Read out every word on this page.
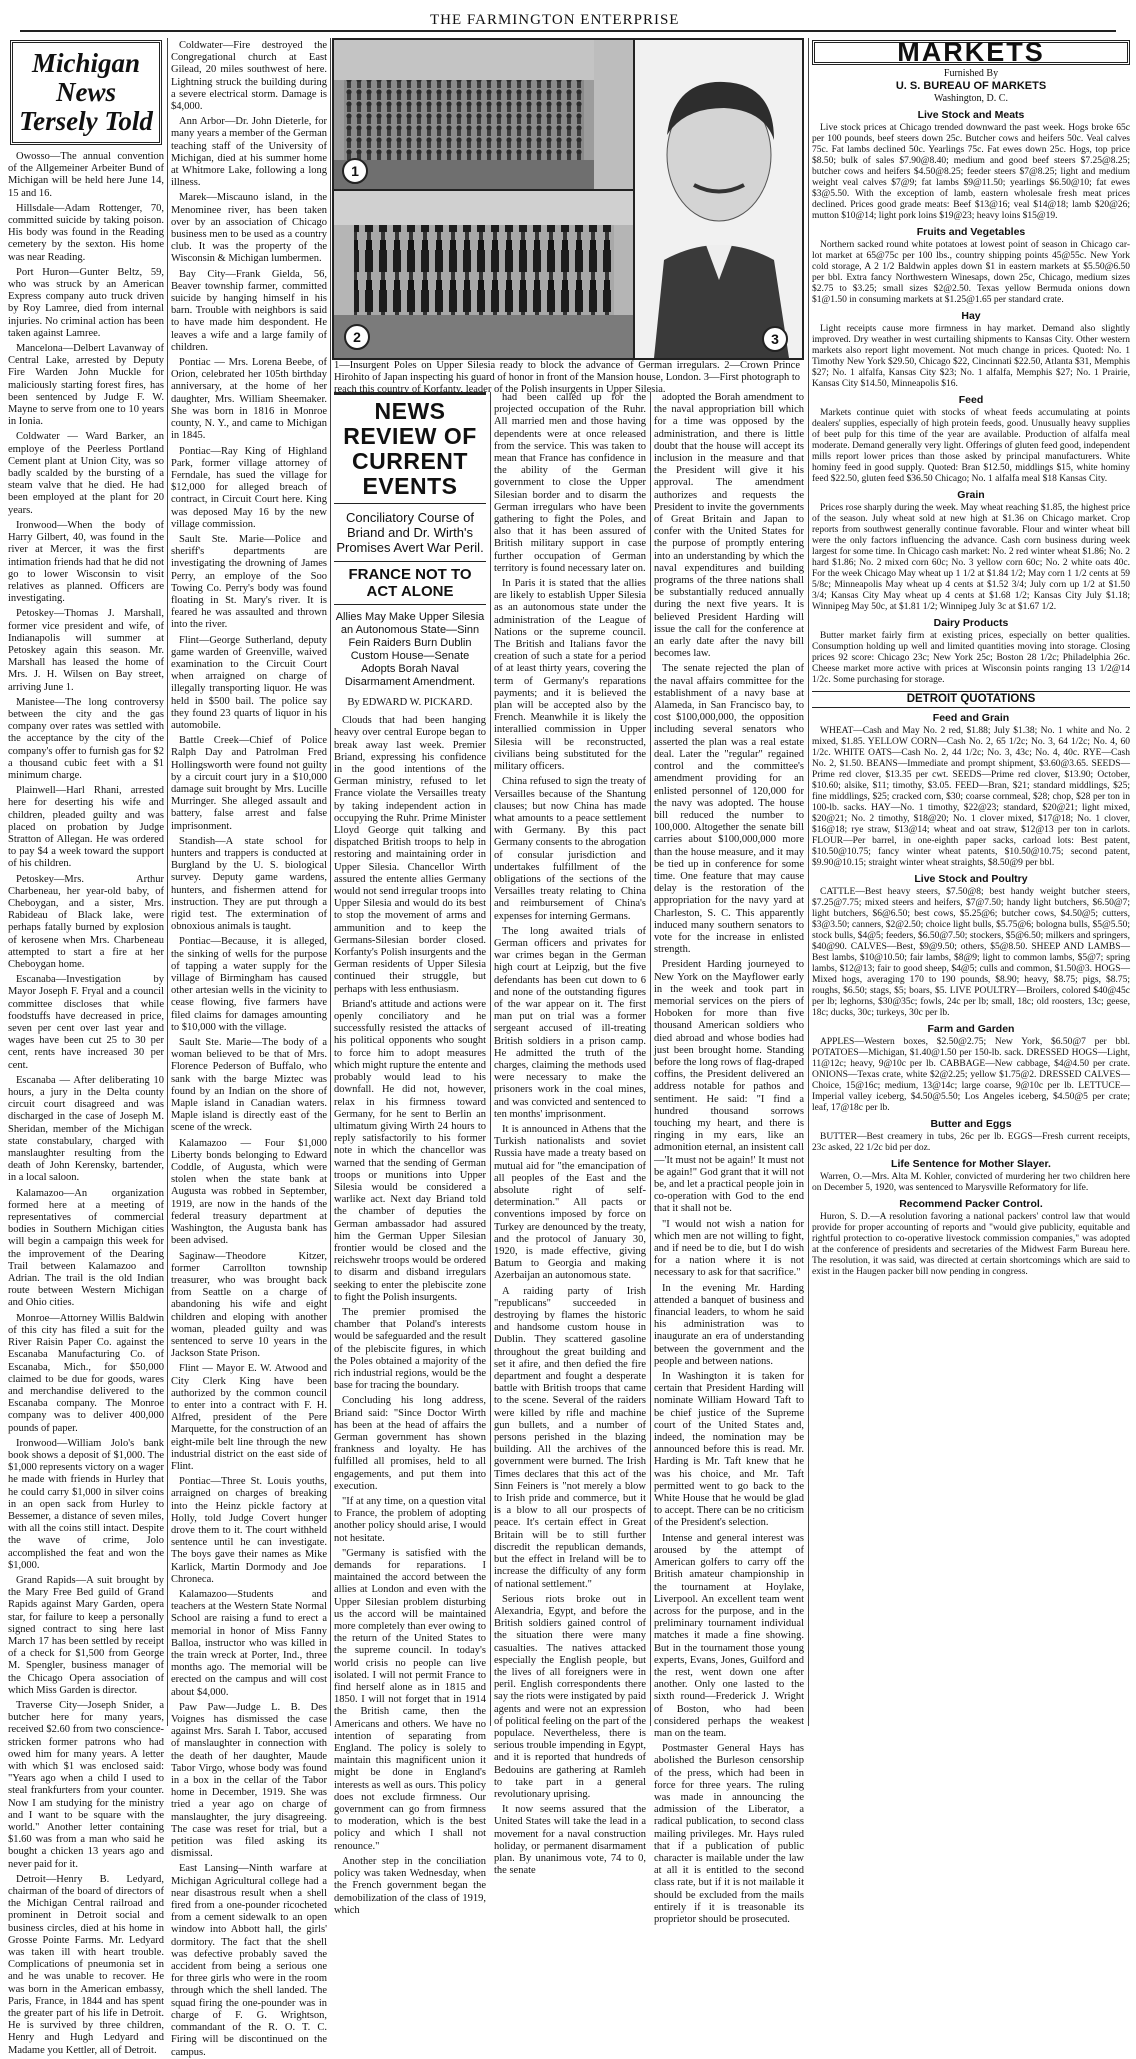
THE FARMINGTON ENTERPRISE
Michigan News
Tersely Told

Owosso—The annual convention of the Allgemeiner Arbeiter Bund of Michigan will be held here June 14, 15 and 16.

Hillsdale—Adam Rottenger, 70, committed suicide by taking poison. His body was found in the Reading cemetery by the sexton. His home was near Reading.

Port Huron—Gunter Beltz, 59, who was struck by an American Express company auto truck driven by Roy Lamree, died from internal injuries. No criminal action has been taken against Lamree.

Mancelona—Delbert Lavanway of Central Lake, arrested by Deputy Fire Warden John Muckle for maliciously starting forest fires, has been sentenced by Judge F. W. Mayne to serve from one to 10 years in Ionia.

Coldwater — Ward Barker, an employe of the Peerless Portland Cement plant at Union City, was so badly scalded by the bursting of a steam valve that he died. He had been employed at the plant for 20 years.

Ironwood—When the body of Harry Gilbert, 40, was found in the river at Mercer, it was the first intimation friends had that he did not go to lower Wisconsin to visit relatives as planned. Officers are investigating.

Petoskey—Thomas J. Marshall, former vice president and wife, of Indianapolis will summer at Petoskey again this season. Mr. Marshall has leased the home of Mrs. J. H. Wilsen on Bay street, arriving June 1.

Manistee—The long controversy between the city and the gas company over rates was settled with the acceptance by the city of the company's offer to furnish gas for $2 a thousand cubic feet with a $1 minimum charge.

Plainwell—Harl Rhani, arrested here for deserting his wife and children, pleaded guilty and was placed on probation by Judge Stratton of Allegan. He was ordered to pay $4 a week toward the support of his children.

Petoskey—Mrs. Arthur Charbeneau, her year-old baby, of Cheboygan, and a sister, Mrs. Rabideau of Black lake, were perhaps fatally burned by explosion of kerosene when Mrs. Charbeneau attempted to start a fire at her Cheboygan home.

Escanaba—Investigation by Mayor Joseph F. Fryal and a council committee discloses that while foodstuffs have decreased in price, seven per cent over last year and wages have been cut 25 to 30 per cent, rents have increased 30 per cent.

Escanaba — After deliberating 10 hours, a jury in the Delta county circuit court disagreed and was discharged in the case of Joseph M. Sheridan, member of the Michigan state constabulary, charged with manslaughter resulting from the death of John Kerensky, bartender, in a local saloon.

Kalamazoo—An organization formed here at a meeting of representatives of commercial bodies in Southern Michigan cities will begin a campaign this week for the improvement of the Dearing Trail between Kalamazoo and Adrian. The trail is the old Indian route between Western Michigan and Ohio cities.

Monroe—Attorney Willis Baldwin of this city has filed a suit for the River Raisin Paper Co. against the Escanaba Manufacturing Co. of Escanaba, Mich., for $50,000 claimed to be due for goods, wares and merchandise delivered to the Escanaba company. The Monroe company was to deliver 400,000 pounds of paper.

Ironwood—William Jolo's bank book shows a deposit of $1,000. The $1,000 represents victory on a wager he made with friends in Hurley that he could carry $1,000 in silver coins in an open sack from Hurley to Bessemer, a distance of seven miles, with all the coins still intact. Despite the wave of crime, Jolo accomplished the feat and won the $1,000.

Grand Rapids—A suit brought by the Mary Free Bed guild of Grand Rapids against Mary Garden, opera star, for failure to keep a personally signed contract to sing here last March 17 has been settled by receipt of a check for $1,500 from George M. Spengler, business manager of the Chicago Opera association of which Miss Garden is director.

Traverse City—Joseph Snider, a butcher here for many years, received $2.60 from two conscience-stricken former patrons who had owed him for many years. A letter with which $1 was enclosed said: "Years ago when a child I used to steal frankfurters from your counter. Now I am studying for the ministry and I want to be square with the world." Another letter containing $1.60 was from a man who said he bought a chicken 13 years ago and never paid for it.

Detroit—Henry B. Ledyard, chairman of the board of directors of the Michigan Central railroad and prominent in Detroit social and business circles, died at his home in Grosse Pointe Farms. Mr. Ledyard was taken ill with heart trouble. Complications of pneumonia set in and he was unable to recover. He was born in the American embassy, Paris, France, in 1844 and has spent the greater part of his life in Detroit. He is survived by three children, Henry and Hugh Ledyard and Madame you Kettler, all of Detroit.

Coldwater—Fire destroyed the Congregational church at East Gilead, 20 miles southwest of here. Lightning struck the building during a severe electrical storm. Damage is $4,000.

Ann Arbor—Dr. John Dieterle, for many years a member of the German teaching staff of the University of Michigan, died at his summer home at Whitmore Lake, following a long illness.

Marek—Miscauno island, in the Menominee river, has been taken over by an association of Chicago business men to be used as a country club. It was the property of the Wisconsin & Michigan lumbermen.

Bay City—Frank Gielda, 56, Beaver township farmer, committed suicide by hanging himself in his barn. Trouble with neighbors is said to have made him despondent. He leaves a wife and a large family of children.

Pontiac — Mrs. Lorena Beebe, of Orion, celebrated her 105th birthday anniversary, at the home of her daughter, Mrs. William Sheemaker. She was born in 1816 in Monroe county, N. Y., and came to Michigan in 1845.

Pontiac—Ray King of Highland Park, former village attorney of Ferndale, has sued the village for $12,000 for alleged breach of contract, in Circuit Court here. King was deposed May 16 by the new village commission.

Sault Ste. Marie—Police and sheriff's departments are investigating the drowning of James Perry, an employe of the Soo Towing Co. Perry's body was found floating in St. Mary's river. It is feared he was assaulted and thrown into the river.

Flint—George Sutherland, deputy game warden of Greenville, waived examination to the Circuit Court when arraigned on charge of illegally transporting liquor. He was held in $500 bail. The police say they found 23 quarts of liquor in his automobile.

Battle Creek—Chief of Police Ralph Day and Patrolman Fred Hollingsworth were found not guilty by a circuit court jury in a $10,000 damage suit brought by Mrs. Lucille Murringer. She alleged assault and battery, false arrest and false imprisonment.

Standish—A state school for hunters and trappers is conducted at Burgland by the U. S. biological survey. Deputy game wardens, hunters, and fishermen attend for instruction. They are put through a rigid test. The extermination of obnoxious animals is taught.

Pontiac—Because, it is alleged, the sinking of wells for the purpose of tapping a water supply for the village of Birmingham has caused other artesian wells in the vicinity to cease flowing, five farmers have filed claims for damages amounting to $10,000 with the village.

Sault Ste. Marie—The body of a woman believed to be that of Mrs. Florence Pederson of Buffalo, who sank with the barge Miztec was found by an Indian on the shore of Maple island in Canadian waters. Maple island is directly east of the scene of the wreck.

Kalamazoo — Four $1,000 Liberty bonds belonging to Edward Coddle, of Augusta, which were stolen when the state bank at Augusta was robbed in September, 1919, are now in the hands of the federal treasury department at Washington, the Augusta bank has been advised.

Saginaw—Theodore Kitzer, former Carrollton township treasurer, who was brought back from Seattle on a charge of abandoning his wife and eight children and eloping with another woman, pleaded guilty and was sentenced to serve 10 years in the Jackson State Prison.

Flint — Mayor E. W. Atwood and City Clerk King have been authorized by the common council to enter into a contract with F. H. Alfred, president of the Pere Marquette, for the construction of an eight-mile belt line through the new industrial district on the east side of Flint.

Pontiac—Three St. Louis youths, arraigned on charges of breaking into the Heinz pickle factory at Holly, told Judge Covert hunger drove them to it. The court withheld sentence until he can investigate. The boys gave their names as Mike Karlick, Martin Dormody and Joe Chroneca.

Kalamazoo—Students and teachers at the Western State Normal School are raising a fund to erect a memorial in honor of Miss Fanny Balloa, instructor who was killed in the train wreck at Porter, Ind., three months ago. The memorial will be erected on the campus and will cost about $4,000.

Paw Paw—Judge L. B. Des Voignes has dismissed the case against Mrs. Sarah I. Tabor, accused of manslaughter in connection with the death of her daughter, Maude Tabor Virgo, whose body was found in a box in the cellar of the Tabor home in December, 1919. She was tried a year ago on charge of manslaughter, the jury disagreeing. The case was reset for trial, but a petition was filed asking its dismissal.

East Lansing—Ninth warfare at Michigan Agricultural college had a near disastrous result when a shell fired from a one-pounder ricocheted from a cement sidewalk to an open window into Abbott hall, the girls' dormitory. The fact that the shell was defective probably saved the accident from being a serious one for three girls who were in the room through which the shell landed. The squad firing the one-pounder was in charge of F. G. Wrightson, commandant of the R. O. T. C. Firing will be discontinued on the campus.

1
2	3
1—Insurgent Poles on Upper Silesia ready to block the advance of German irregulars. 2—Crown Prince Hirohito of Japan inspecting his guard of honor in front of the Mansion house, London. 3—First photograph to reach this country of Korfanty, leader of the Polish insurgents in Upper Silesia.
NEWS REVIEW OF CURRENT EVENTS
Conciliatory Course of Briand and Dr. Wirth's Promises Avert War Peril.
FRANCE NOT TO ACT ALONE
Allies May Make Upper Silesia an Autonomous State—Sinn Fein Raiders Burn Dublin Custom House—Senate Adopts Borah Naval Disarmament Amendment.
By EDWARD W. PICKARD.

Clouds that had been hanging heavy over central Europe began to break away last week. Premier Briand, expressing his confidence in the good intentions of the German ministry, refused to let France violate the Versailles treaty by taking independent action in occupying the Ruhr. Prime Minister Lloyd George quit talking and dispatched British troops to help in restoring and maintaining order in Upper Silesia. Chancellor Wirth assured the entente allies Germany would not send irregular troops into Upper Silesia and would do its best to stop the movement of arms and ammunition and to keep the Germans-Silesian border closed. Korfanty's Polish insurgents and the German residents of Upper Silesia continued their struggle, but perhaps with less enthusiasm.

Briand's attitude and actions were openly conciliatory and he successfully resisted the attacks of his political opponents who sought to force him to adopt measures which might rupture the entente and probably would lead to his downfall. He did not, however, relax in his firmness toward Germany, for he sent to Berlin an ultimatum giving Wirth 24 hours to reply satisfactorily to his former note in which the chancellor was warned that the sending of German troops or munitions into Upper Silesia would be considered a warlike act. Next day Briand told the chamber of deputies the German ambassador had assured him the German Upper Silesian frontier would be closed and the reichswehr troops would be ordered to disarm and disband irregulars seeking to enter the plebiscite zone to fight the Polish insurgents.

The premier promised the chamber that Poland's interests would be safeguarded and the result of the plebiscite figures, in which the Poles obtained a majority of the rich industrial regions, would be the base for tracing the boundary.

Concluding his long address, Briand said: "Since Doctor Wirth has been at the head of affairs the German government has shown frankness and loyalty. He has fulfilled all promises, held to all engagements, and put them into execution.

"If at any time, on a question vital to France, the problem of adopting another policy should arise, I would not hesitate.

"Germany is satisfied with the demands for reparations. I maintained the accord between the allies at London and even with the Upper Silesian problem disturbing us the accord will be maintained more completely than ever owing to the return of the United States to the supreme council. In today's world crisis no people can live isolated. I will not permit France to find herself alone as in 1815 and 1850. I will not forget that in 1914 the British came, then the Americans and others. We have no intention of separating from England. The policy is solely to maintain this magnificent union it might be done in England's interests as well as ours. This policy does not exclude firmness. Our government can go from firmness to moderation, which is the best policy and which I shall not renounce."

Another step in the conciliation policy was taken Wednesday, when the French government began the demobilization of the class of 1919, which

had been called up for the projected occupation of the Ruhr. All married men and those having dependents were at once released from the service. This was taken to mean that France has confidence in the ability of the German government to close the Upper Silesian border and to disarm the German irregulars who have been gathering to fight the Poles, and also that it has been assured of British military support in case further occupation of German territory is found necessary later on.

In Paris it is stated that the allies are likely to establish Upper Silesia as an autonomous state under the administration of the League of Nations or the supreme council. The British and Italians favor the creation of such a state for a period of at least thirty years, covering the term of Germany's reparations payments; and it is believed the plan will be accepted also by the French. Meanwhile it is likely the interallied commission in Upper Silesia will be reconstructed, civilians being substituted for the military officers.

China refused to sign the treaty of Versailles because of the Shantung clauses; but now China has made what amounts to a peace settlement with Germany. By this pact Germany consents to the abrogation of consular jurisdiction and undertakes fulfillment of the obligations of the sections of the Versailles treaty relating to China and reimbursement of China's expenses for interning Germans.

The long awaited trials of German officers and privates for war crimes began in the German high court at Leipzig, but the five defendants has been cut down to 6 and none of the outstanding figures of the war appear on it. The first man put on trial was a former sergeant accused of ill-treating British soldiers in a prison camp. He admitted the truth of the charges, claiming the methods used were necessary to make the prisoners work in the coal mines, and was convicted and sentenced to ten months' imprisonment.

It is announced in Athens that the Turkish nationalists and soviet Russia have made a treaty based on mutual aid for "the emancipation of all peoples of the East and the absolute right of self-determination." All pacts or conventions imposed by force on Turkey are denounced by the treaty, and the protocol of January 30, 1920, is made effective, giving Batum to Georgia and making Azerbaijan an autonomous state.

A raiding party of Irish "republicans" succeeded in destroying by flames the historic and handsome custom house in Dublin. They scattered gasoline throughout the great building and set it afire, and then defied the fire department and fought a desperate battle with British troops that came to the scene. Several of the raiders were killed by rifle and machine gun bullets, and a number of persons perished in the blazing building. All the archives of the government were burned. The Irish Times declares that this act of the Sinn Feiners is "not merely a blow to Irish pride and commerce, but it is a blow to all our prospects of peace. It's certain effect in Great Britain will be to still further discredit the republican demands, but the effect in Ireland will be to increase the difficulty of any form of national settlement."

Serious riots broke out in Alexandria, Egypt, and before the British soldiers gained control of the situation there were many casualties. The natives attacked especially the English people, but the lives of all foreigners were in peril. English correspondents there say the riots were instigated by paid agents and were not an expression of political feeling on the part of the populace. Nevertheless, there is serious trouble impending in Egypt, and it is reported that hundreds of Bedouins are gathering at Ramleh to take part in a general revolutionary uprising.

It now seems assured that the United States will take the lead in a movement for a naval construction holiday, or permanent disarmament plan. By unanimous vote, 74 to 0, the senate

adopted the Borah amendment to the naval appropriation bill which for a time was opposed by the administration, and there is little doubt that the house will accept its inclusion in the measure and that the President will give it his approval. The amendment authorizes and requests the President to invite the governments of Great Britain and Japan to confer with the United States for the purpose of promptly entering into an understanding by which the naval expenditures and building programs of the three nations shall be substantially reduced annually during the next five years. It is believed President Harding will issue the call for the conference at an early date after the navy bill becomes law.

The senate rejected the plan of the naval affairs committee for the establishment of a navy base at Alameda, in San Francisco bay, to cost $100,000,000, the opposition including several senators who asserted the plan was a real estate deal. Later the "regular" regained control and the committee's amendment providing for an enlisted personnel of 120,000 for the navy was adopted. The house bill reduced the number to 100,000. Altogether the senate bill carries about $100,000,000 more than the house measure, and it may be tied up in conference for some time. One feature that may cause delay is the restoration of the appropriation for the navy yard at Charleston, S. C. This apparently induced many southern senators to vote for the increase in enlisted strength.

President Harding journeyed to New York on the Mayflower early in the week and took part in memorial services on the piers of Hoboken for more than five thousand American soldiers who died abroad and whose bodies had just been brought home. Standing before the long rows of flag-draped coffins, the President delivered an address notable for pathos and sentiment. He said: "I find a hundred thousand sorrows touching my heart, and there is ringing in my ears, like an admonition eternal, an insistent call—'It must not be again!' It must not be again!" God grant that it will not be, and let a practical people join in co-operation with God to the end that it shall not be.

"I would not wish a nation for which men are not willing to fight, and if need be to die, but I do wish for a nation where it is not necessary to ask for that sacrifice."

In the evening Mr. Harding attended a banquet of business and financial leaders, to whom he said his administration was to inaugurate an era of understanding between the government and the people and between nations.

In Washington it is taken for certain that President Harding will nominate William Howard Taft to be chief justice of the Supreme court of the United States and, indeed, the nomination may be announced before this is read. Mr. Harding is Mr. Taft knew that he was his choice, and Mr. Taft permitted went to go back to the White House that he would be glad to accept. There can be no criticism of the President's selection.

Intense and general interest was aroused by the attempt of American golfers to carry off the British amateur championship in the tournament at Hoylake, Liverpool. An excellent team went across for the purpose, and in the preliminary tournament individual matches it made a fine showing. But in the tournament those young experts, Evans, Jones, Guilford and the rest, went down one after another. Only one lasted to the sixth round—Frederick J. Wright of Boston, who had been considered perhaps the weakest man on the team.

Postmaster General Hays has abolished the Burleson censorship of the press, which had been in force for three years. The ruling was made in announcing the admission of the Liberator, a radical publication, to second class mailing privileges. Mr. Hays ruled that if a publication of public character is mailable under the law at all it is entitled to the second class rate, but if it is not mailable it should be excluded from the mails entirely if it is treasonable its proprietor should be prosecuted.

MARKETS
Furnished By
U. S. BUREAU OF MARKETS
Washington, D. C.
Live Stock and Meats

Live stock prices at Chicago trended downward the past week. Hogs broke 65c per 100 pounds, beef steers down 25c. Butcher cows and heifers 50c. Veal calves 75c. Fat lambs declined 50c. Yearlings 75c. Fat ewes down 25c. Hogs, top price $8.50; bulk of sales $7.90@8.40; medium and good beef steers $7.25@8.25; butcher cows and heifers $4.50@8.25; feeder steers $7@8.25; light and medium weight veal calves $7@9; fat lambs $9@11.50; yearlings $6.50@10; fat ewes $3@5.50. With the exception of lamb, eastern wholesale fresh meat prices declined. Prices good grade meats: Beef $13@16; veal $14@18; lamb $20@26; mutton $10@14; light pork loins $19@23; heavy loins $15@19.

Fruits and Vegetables

Northern sacked round white potatoes at lowest point of season in Chicago car-lot market at 65@75c per 100 lbs., country shipping points 45@55c. New York cold storage, A 2 1/2 Baldwin apples down $1 in eastern markets at $5.50@6.50 per bbl. Extra fancy Northwestern Winesaps, down 25c, Chicago, medium sizes $2.75 to $3.25; small sizes $2@2.50. Texas yellow Bermuda onions down $1@1.50 in consuming markets at $1.25@1.65 per standard crate.

Hay

Light receipts cause more firmness in hay market. Demand also slightly improved. Dry weather in west curtailing shipments to Kansas City. Other western markets also report light movement. Not much change in prices. Quoted: No. 1 Timothy New York $29.50, Chicago $22, Cincinnati $22.50, Atlanta $31, Memphis $27; No. 1 alfalfa, Kansas City $23; No. 1 alfalfa, Memphis $27; No. 1 Prairie, Kansas City $14.50, Minneapolis $16.

Feed

Markets continue quiet with stocks of wheat feeds accumulating at points dealers' supplies, especially of high protein feeds, good. Unusually heavy supplies of beet pulp for this time of the year are available. Production of alfalfa meal moderate. Demand generally very light. Offerings of gluten feed good, independent mills report lower prices than those asked by principal manufacturers. White hominy feed in good supply. Quoted: Bran $12.50, middlings $15, white hominy feed $22.50, gluten feed $36.50 Chicago; No. 1 alfalfa meal $18 Kansas City.

Grain

Prices rose sharply during the week. May wheat reaching $1.85, the highest price of the season. July wheat sold at new high at $1.36 on Chicago market. Crop reports from southwest generally continue favorable. Flour and winter wheat bill were the only factors influencing the advance. Cash corn business during week largest for some time. In Chicago cash market: No. 2 red winter wheat $1.86; No. 2 hard $1.86; No. 2 mixed corn 60c; No. 3 yellow corn 60c; No. 2 white oats 40c. For the week Chicago May wheat up 1 1/2 at $1.84 1/2; May corn 1 1/2 cents at 59 5/8c; Minneapolis May wheat up 4 cents at $1.52 3/4; July corn up 1/2 at $1.50 3/4; Kansas City May wheat up 4 cents at $1.68 1/2; Kansas City July $1.18; Winnipeg May 50c, at $1.81 1/2; Winnipeg July 3c at $1.67 1/2.

Dairy Products

Butter market fairly firm at existing prices, especially on better qualities. Consumption holding up well and limited quantities moving into storage. Closing prices 92 score: Chicago 23c; New York 25c; Boston 28 1/2c; Philadelphia 26c. Cheese market more active with prices at Wisconsin points ranging 13 1/2@14 1/2c. Some purchasing for storage.

DETROIT QUOTATIONS
Feed and Grain

WHEAT—Cash and May No. 2 red, $1.88; July $1.38; No. 1 white and No. 2 mixed, $1.85. YELLOW CORN—Cash No. 2, 65 1/2c; No. 3, 64 1/2c; No. 4, 60 1/2c. WHITE OATS—Cash No. 2, 44 1/2c; No. 3, 43c; No. 4, 40c. RYE—Cash No. 2, $1.50. BEANS—Immediate and prompt shipment, $3.60@3.65. SEEDS—Prime red clover, $13.35 per cwt. SEEDS—Prime red clover, $13.90; October, $10.60; alsike, $11; timothy, $3.05. FEED—Bran, $21; standard middlings, $25; fine middlings, $25; cracked corn, $30; coarse cornmeal, $28; chop, $28 per ton in 100-lb. sacks. HAY—No. 1 timothy, $22@23; standard, $20@21; light mixed, $20@21; No. 2 timothy, $18@20; No. 1 clover mixed, $17@18; No. 1 clover, $16@18; rye straw, $13@14; wheat and oat straw, $12@13 per ton in carlots. FLOUR—Per barrel, in one-eighth paper sacks, carload lots: Best patent, $10.50@10.75; fancy winter wheat patents, $10.50@10.75; second patent, $9.90@10.15; straight winter wheat straights, $8.50@9 per bbl.

Live Stock and Poultry

CATTLE—Best heavy steers, $7.50@8; best handy weight butcher steers, $7.25@7.75; mixed steers and heifers, $7@7.50; handy light butchers, $6.50@7; light butchers, $6@6.50; best cows, $5.25@6; butcher cows, $4.50@5; cutters, $3@3.50; canners, $2@2.50; choice light bulls, $5.75@6; bologna bulls, $5@5.50; stock bulls, $4@5; feeders, $6.50@7.50; stockers, $5@6.50; milkers and springers, $40@90. CALVES—Best, $9@9.50; others, $5@8.50. SHEEP AND LAMBS—Best lambs, $10@10.50; fair lambs, $8@9; light to common lambs, $5@7; spring lambs, $12@13; fair to good sheep, $4@5; culls and common, $1.50@3. HOGS—Mixed hogs, averaging 170 to 190 pounds, $8.90; heavy, $8.75; pigs, $8.75; roughs, $6.50; stags, $5; boars, $5. LIVE POULTRY—Broilers, colored $40@45c per lb; leghorns, $30@35c; fowls, 24c per lb; small, 18c; old roosters, 13c; geese, 18c; ducks, 30c; turkeys, 30c per lb.

Farm and Garden

APPLES—Western boxes, $2.50@2.75; New York, $6.50@7 per bbl. POTATOES—Michigan, $1.40@1.50 per 150-lb. sack. DRESSED HOGS—Light, 11@12c; heavy, 9@10c per lb. CABBAGE—New cabbage, $4@4.50 per crate. ONIONS—Texas crate, white $2@2.25; yellow $1.75@2. DRESSED CALVES—Choice, 15@16c; medium, 13@14c; large coarse, 9@10c per lb. LETTUCE—Imperial valley iceberg, $4.50@5.50; Los Angeles iceberg, $4.50@5 per crate; leaf, 17@18c per lb.

Butter and Eggs

BUTTER—Best creamery in tubs, 26c per lb. EGGS—Fresh current receipts, 23c asked, 22 1/2c bid per doz.

Life Sentence for Mother Slayer.

Warren, O.—Mrs. Alta M. Kohler, convicted of murdering her two children here on December 5, 1920, was sentenced to Marysville Reformatory for life.

Recommend Packer Control.

Huron, S. D.—A resolution favoring a national packers' control law that would provide for proper accounting of reports and "would give publicity, equitable and rightful protection to co-operative livestock commission companies," was adopted at the conference of presidents and secretaries of the Midwest Farm Bureau here. The resolution, it was said, was directed at certain shortcomings which are said to exist in the Haugen packer bill now pending in congress.
